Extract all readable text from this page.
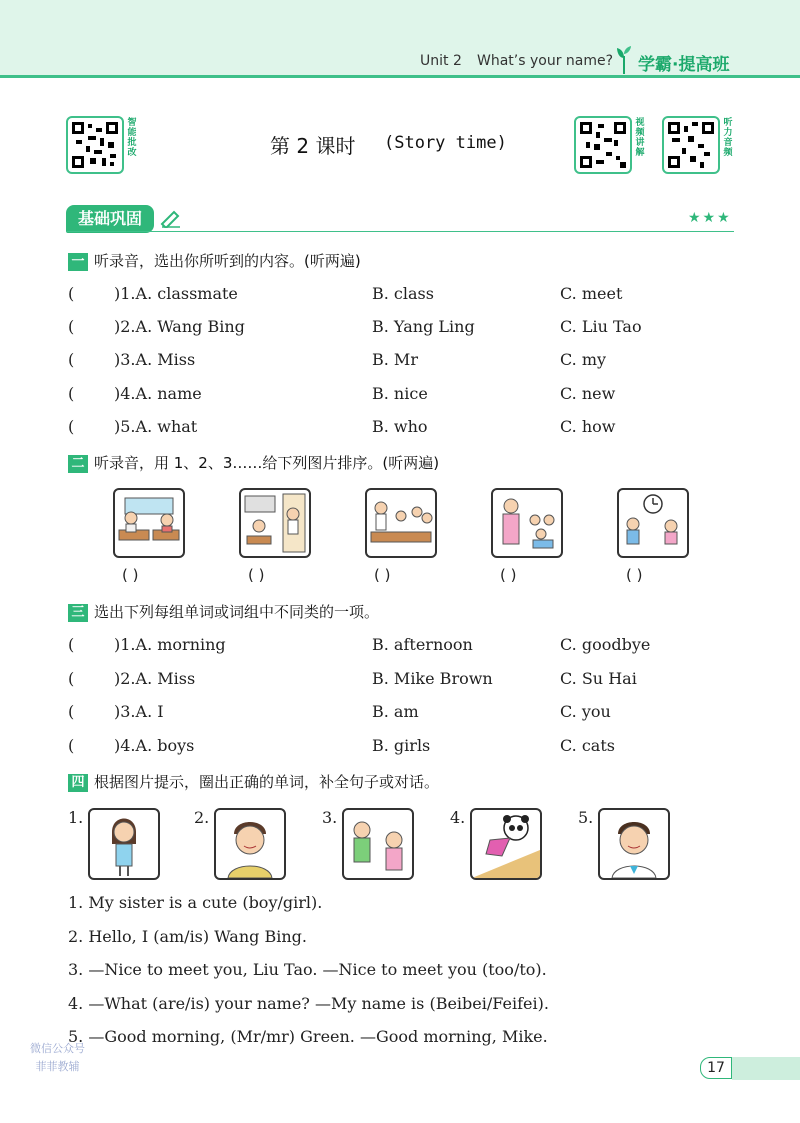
Unit 2 What’s your name? 学霸·提高班
智能批改
视频讲解
听力音频
第 2 课时 (Story time)
基础巩固	★★★
一 听录音，选出你所听到的内容。(听两遍)
( )1.A. classmate	B. class	C. meet
( )2.A. Wang Bing	B. Yang Ling	C. Liu Tao
( )3.A. Miss	B. Mr	C. my
( )4.A. name	B. nice	C. new
( )5.A. what	B. who	C. how
二 听录音，用 1、2、3……给下列图片排序。(听两遍)
( )	( )	( )	( )	( )
三 选出下列每组单词或词组中不同类的一项。
( )1.A. morning	B. afternoon	C. goodbye
( )2.A. Miss	B. Mike Brown	C. Su Hai
( )3.A. I	B. am	C. you
( )4.A. boys	B. girls	C. cats
四 根据图片提示，圈出正确的单词，补全句子或对话。
1.	2.	3.	4.	5.
1. My sister is a cute (boy/girl).
2. Hello, I (am/is) Wang Bing.
3. —Nice to meet you, Liu Tao. —Nice to meet you (too/to).
4. —What (are/is) your name? —My name is (Beibei/Feifei).
5. —Good morning, (Mr/mr) Green. —Good morning, Mike.
微信公众号
菲菲教辅	17
